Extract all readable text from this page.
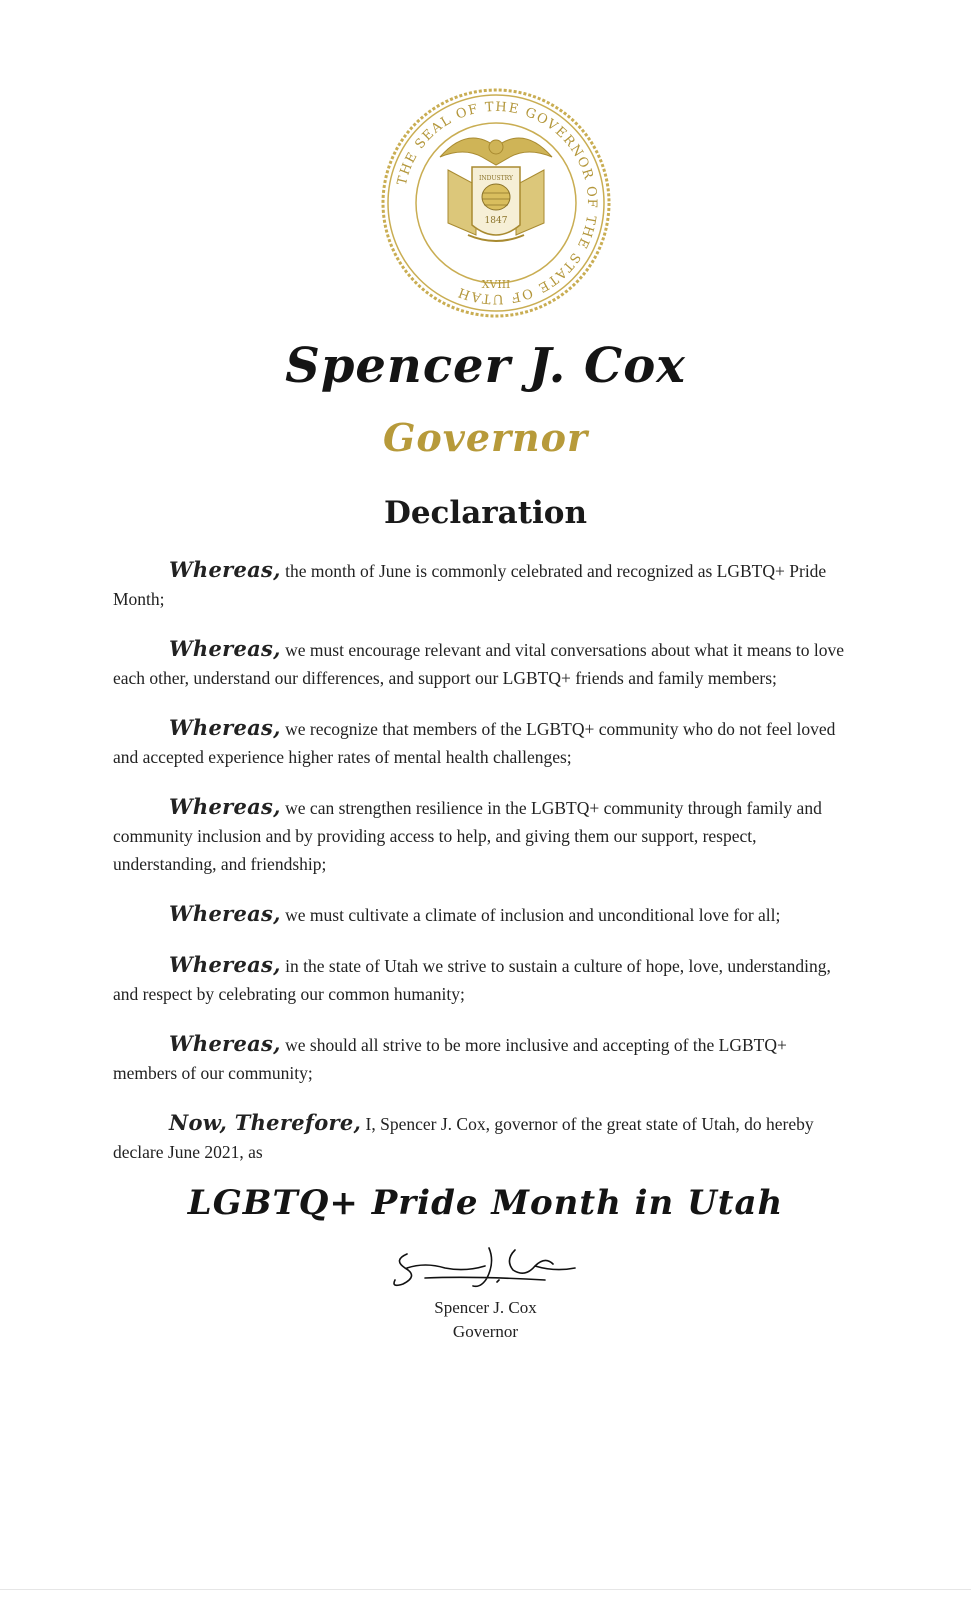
THE SEAL OF THE GOVERNOR OF THE STATE OF UTAH
INDUSTRY
1847
XVIII
Spencer J. Cox
Governor
Declaration

Whereas, the month of June is commonly celebrated and recognized as LGBTQ+ Pride Month;

Whereas, we must encourage relevant and vital conversations about what it means to love each other, understand our differences, and support our LGBTQ+ friends and family members;

Whereas, we recognize that members of the LGBTQ+ community who do not feel loved and accepted experience higher rates of mental health challenges;

Whereas, we can strengthen resilience in the LGBTQ+ community through family and community inclusion and by providing access to help, and giving them our support, respect, understanding, and friendship;

Whereas, we must cultivate a climate of inclusion and unconditional love for all;

Whereas, in the state of Utah we strive to sustain a culture of hope, love, understanding, and respect by celebrating our common humanity;

Whereas, we should all strive to be more inclusive and accepting of the LGBTQ+ members of our community;

Now, Therefore, I, Spencer J. Cox, governor of the great state of Utah, do hereby declare June 2021, as

LGBTQ+ Pride Month in Utah
Spencer J. Cox
Governor
